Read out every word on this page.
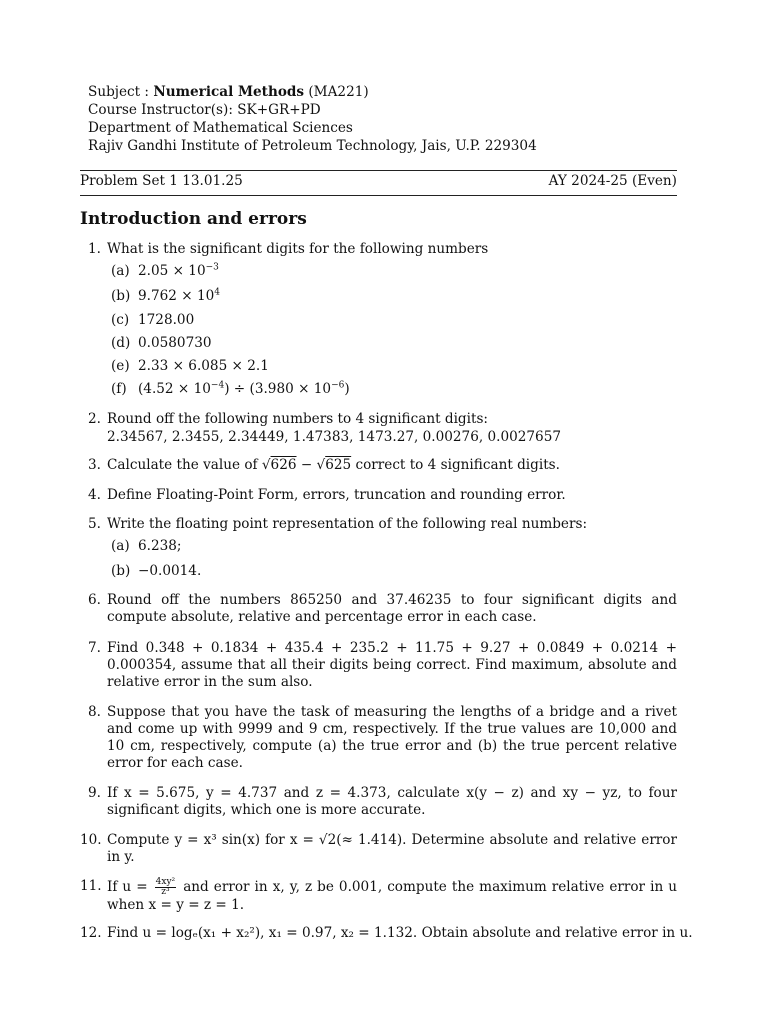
Subject : Numerical Methods (MA221)
Course Instructor(s): SK+GR+PD
Department of Mathematical Sciences
Rajiv Gandhi Institute of Petroleum Technology, Jais, U.P. 229304
Problem Set 1 13.01.25	AY 2024-25 (Even)
Introduction and errors
1. What is the significant digits for the following numbers
(a) $2.05 \times 10^{-3}$
(b) $9.762 \times 10^4$
(c) 1728.00
(d) 0.0580730
(e) 2.33 × 6.085 × 2.1
(f) $(4.52 \times 10^{-4}) \div (3.980 \times 10^{-6})$
2. Round off the following numbers to 4 significant digits:
2.34567, 2.3455, 2.34449, 1.47383, 1473.27, 0.00276, 0.0027657
3. Calculate the value of √626 − √625 correct to 4 significant digits.
4. Define Floating-Point Form, errors, truncation and rounding error.
5. Write the floating point representation of the following real numbers:
(a) 6.238;
(b) −0.0014.
6. Round off the numbers 865250 and 37.46235 to four significant digits and compute absolute, relative and percentage error in each case.
7. Find 0.348 + 0.1834 + 435.4 + 235.2 + 11.75 + 9.27 + 0.0849 + 0.0214 + 0.000354, assume that all their digits being correct. Find maximum, absolute and relative error in the sum also.
8. Suppose that you have the task of measuring the lengths of a bridge and a rivet and come up with 9999 and 9 cm, respectively. If the true values are 10,000 and 10 cm, respectively, compute (a) the true error and (b) the true percent relative error for each case.
9. If x = 5.675, y = 4.737 and z = 4.373, calculate x(y − z) and xy − yz, to four significant digits, which one is more accurate.
10. Compute y = x³ sin(x) for x = √2(≈ 1.414). Determine absolute and relative error in y.
11. If $u = \frac{\text{4xy²}}{\text{z³}}$ and error in x, y, z be 0.001, compute the maximum relative error in u when x = y = z = 1.
12. Find u = logₑ(x₁ + x₂²), x₁ = 0.97, x₂ = 1.132. Obtain absolute and relative error in u.
